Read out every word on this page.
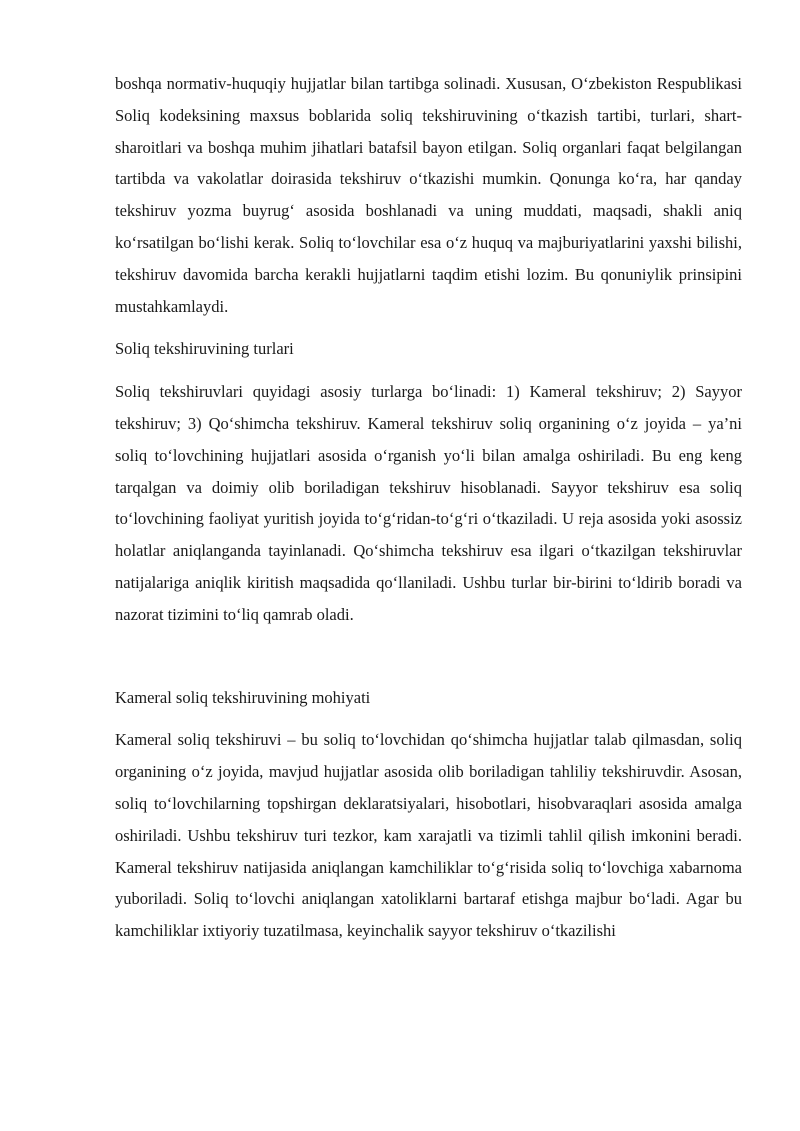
boshqa normativ-huquqiy hujjatlar bilan tartibga solinadi. Xususan, O‘zbekiston Respublikasi Soliq kodeksining maxsus boblarida soliq tekshiruvining o‘tkazish tartibi, turlari, shart-sharoitlari va boshqa muhim jihatlari batafsil bayon etilgan. Soliq organlari faqat belgilangan tartibda va vakolatlar doirasida tekshiruv o‘tkazishi mumkin. Qonunga ko‘ra, har qanday tekshiruv yozma buyrug‘ asosida boshlanadi va uning muddati, maqsadi, shakli aniq ko‘rsatilgan bo‘lishi kerak. Soliq to‘lovchilar esa o‘z huquq va majburiyatlarini yaxshi bilishi, tekshiruv davomida barcha kerakli hujjatlarni taqdim etishi lozim. Bu qonuniylik prinsipini mustahkamlaydi.

Soliq tekshiruvining turlari

Soliq tekshiruvlari quyidagi asosiy turlarga bo‘linadi: 1) Kameral tekshiruv; 2) Sayyor tekshiruv; 3) Qo‘shimcha tekshiruv. Kameral tekshiruv soliq organining o‘z joyida – ya’ni soliq to‘lovchining hujjatlari asosida o‘rganish yo‘li bilan amalga oshiriladi. Bu eng keng tarqalgan va doimiy olib boriladigan tekshiruv hisoblanadi. Sayyor tekshiruv esa soliq to‘lovchining faoliyat yuritish joyida to‘g‘ridan-to‘g‘ri o‘tkaziladi. U reja asosida yoki asossiz holatlar aniqlanganda tayinlanadi. Qo‘shimcha tekshiruv esa ilgari o‘tkazilgan tekshiruvlar natijalariga aniqlik kiritish maqsadida qo‘llaniladi. Ushbu turlar bir-birini to‘ldirib boradi va nazorat tizimini to‘liq qamrab oladi.

Kameral soliq tekshiruvining mohiyati

Kameral soliq tekshiruvi – bu soliq to‘lovchidan qo‘shimcha hujjatlar talab qilmasdan, soliq organining o‘z joyida, mavjud hujjatlar asosida olib boriladigan tahliliy tekshiruvdir. Asosan, soliq to‘lovchilarning topshirgan deklaratsiyalari, hisobotlari, hisobvaraqlari asosida amalga oshiriladi. Ushbu tekshiruv turi tezkor, kam xarajatli va tizimli tahlil qilish imkonini beradi. Kameral tekshiruv natijasida aniqlangan kamchiliklar to‘g‘risida soliq to‘lovchiga xabarnoma yuboriladi. Soliq to‘lovchi aniqlangan xatoliklarni bartaraf etishga majbur bo‘ladi. Agar bu kamchiliklar ixtiyoriy tuzatilmasa, keyinchalik sayyor tekshiruv o‘tkazilishi
